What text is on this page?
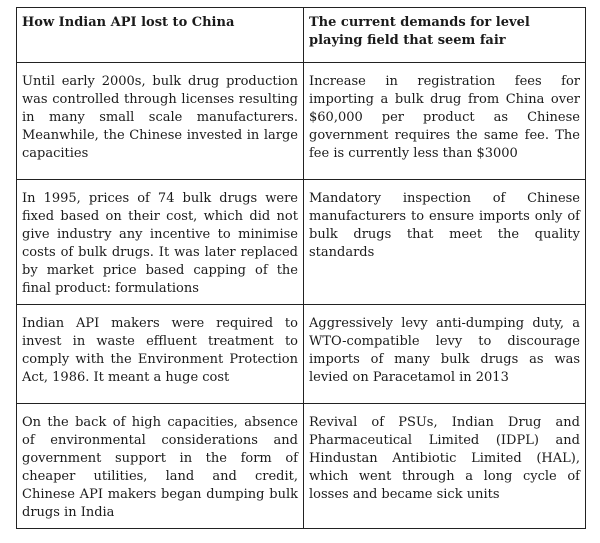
How Indian API lost to China	The current demands for level playing field that seem fair
Until early 2000s, bulk drug production was controlled through licenses resulting in many small scale manufacturers. Meanwhile, the Chinese invested in large capacities	Increase in registration fees for importing a bulk drug from China over $60,000 per product as Chinese government requires the same fee. The fee is currently less than $3000
In 1995, prices of 74 bulk drugs were fixed based on their cost, which did not give industry any incentive to minimise costs of bulk drugs. It was later replaced by market price based capping of the final product: formulations	Mandatory inspection of Chinese manufacturers to ensure imports only of bulk drugs that meet the quality standards
Indian API makers were required to invest in waste effluent treatment to comply with the Environment Protection Act, 1986. It meant a huge cost	Aggressively levy anti-dumping duty, a WTO-compatible levy to discourage imports of many bulk drugs as was levied on Paracetamol in 2013
On the back of high capacities, absence of environmental considerations and government support in the form of cheaper utilities, land and credit, Chinese API makers began dumping bulk drugs in India	Revival of PSUs, Indian Drug and Pharmaceutical Limited (IDPL) and Hindustan Antibiotic Limited (HAL), which went through a long cycle of losses and became sick units
